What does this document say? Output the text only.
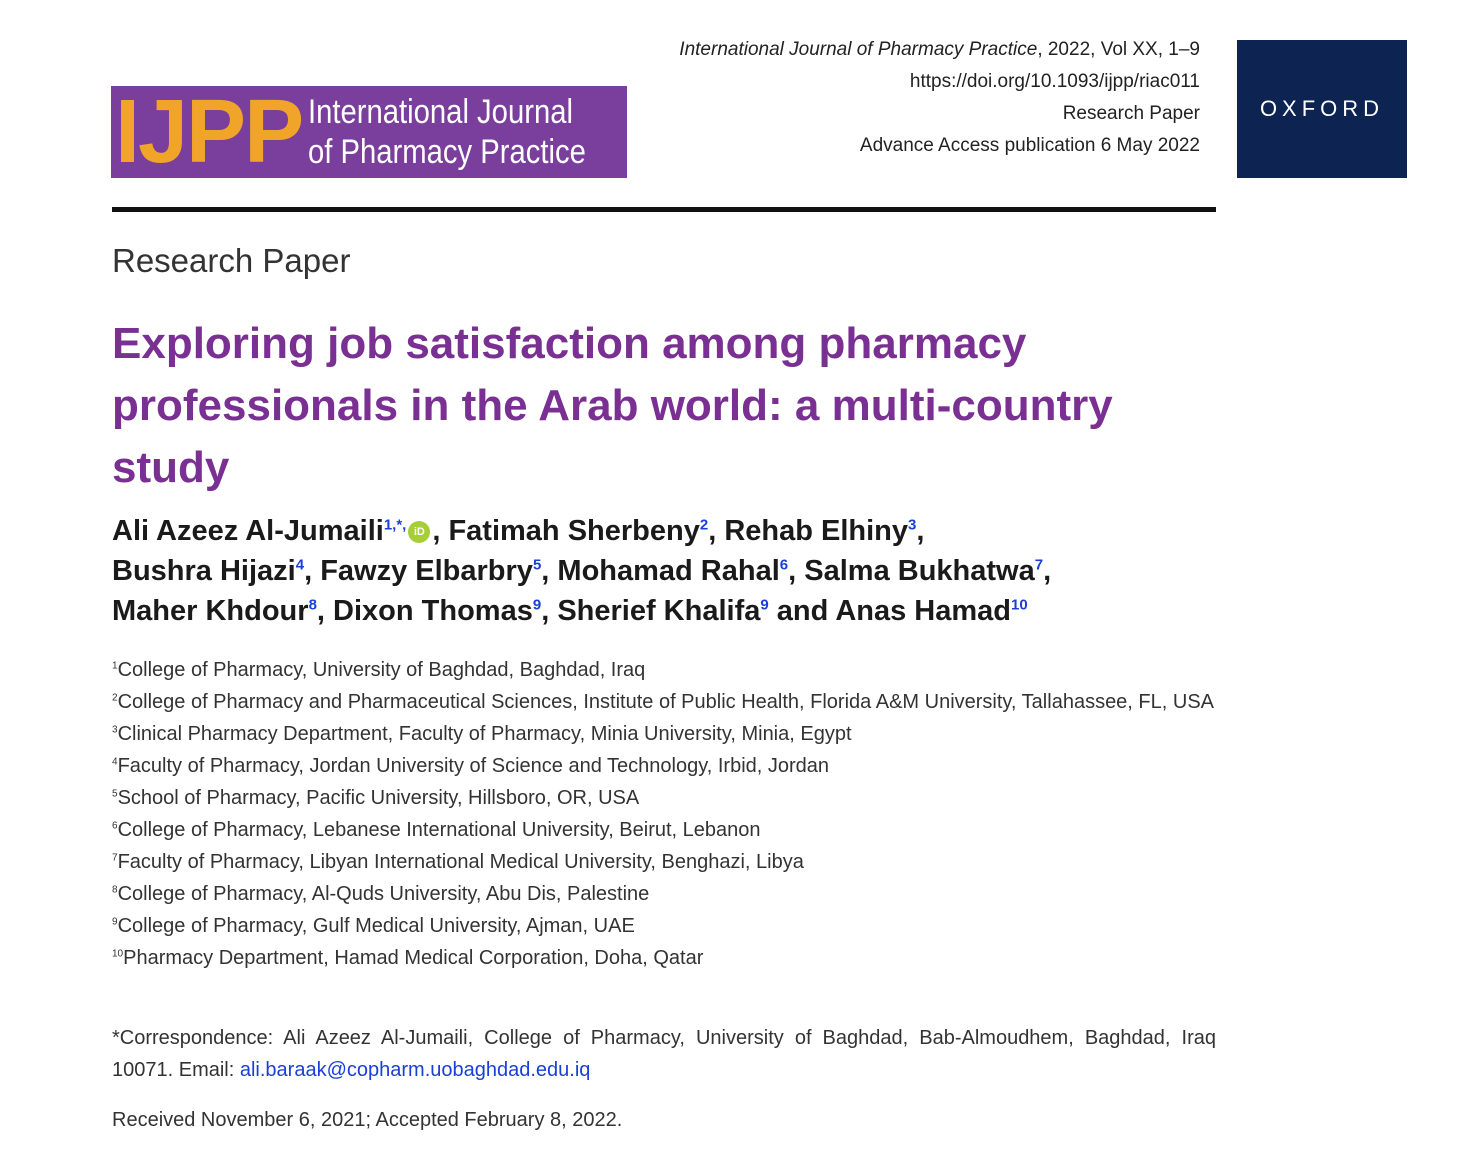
IJPP International Journal
of Pharmacy Practice
International Journal of Pharmacy Practice, 2022, Vol XX, 1–9
https://doi.org/10.1093/ijpp/riac011
Research Paper
Advance Access publication 6 May 2022
OXFORD
Research Paper
Exploring job satisfaction among pharmacy professionals in the Arab world: a multi-country study
Ali Azeez Al-Jumaili$^{1,*,}$ iD , Fatimah Sherbeny$^2$, Rehab Elhiny$^3$,
Bushra Hijazi$^4$, Fawzy Elbarbry$^5$, Mohamad Rahal$^6$, Salma Bukhatwa$^7$,
Maher Khdour$^8$, Dixon Thomas$^9$, Sherief Khalifa$^9$ and Anas Hamad$^{10}$
$^1$College of Pharmacy, University of Baghdad, Baghdad, Iraq
$^2$College of Pharmacy and Pharmaceutical Sciences, Institute of Public Health, Florida A&M University, Tallahassee, FL, USA
$^3$Clinical Pharmacy Department, Faculty of Pharmacy, Minia University, Minia, Egypt
$^4$Faculty of Pharmacy, Jordan University of Science and Technology, Irbid, Jordan
$^5$School of Pharmacy, Pacific University, Hillsboro, OR, USA
$^6$College of Pharmacy, Lebanese International University, Beirut, Lebanon
$^7$Faculty of Pharmacy, Libyan International Medical University, Benghazi, Libya
$^8$College of Pharmacy, Al-Quds University, Abu Dis, Palestine
$^9$College of Pharmacy, Gulf Medical University, Ajman, UAE
$^{10}$Pharmacy Department, Hamad Medical Corporation, Doha, Qatar
*Correspondence: Ali Azeez Al-Jumaili, College of Pharmacy, University of Baghdad, Bab-Almoudhem, Baghdad, Iraq 10071. Email: ali.baraak@copharm.uobaghdad.edu.iq
Received November 6, 2021; Accepted February 8, 2022.
